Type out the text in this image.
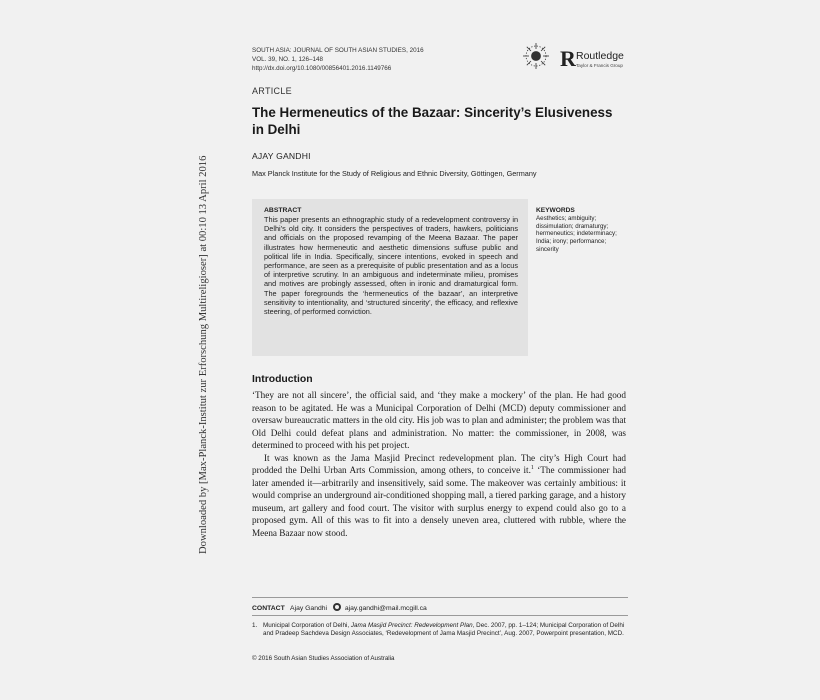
Downloaded by [Max-Planck-Institut zur Erforschung Multireligioser] at 00:10 13 April 2016
SOUTH ASIA: JOURNAL OF SOUTH ASIAN STUDIES, 2016
VOL. 39, NO. 1, 126–148
http://dx.doi.org/10.1080/00856401.2016.1149766	R Routledge
Taylor & Francis Group
ARTICLE
The Hermeneutics of the Bazaar: Sincerity’s Elusiveness in Delhi
AJAY GANDHI
Max Planck Institute for the Study of Religious and Ethnic Diversity, Göttingen, Germany
ABSTRACT
This paper presents an ethnographic study of a redevelopment controversy in Delhi’s old city. It considers the perspectives of traders, hawkers, politicians and officials on the proposed revamping of the Meena Bazaar. The paper illustrates how hermeneutic and aesthetic dimensions suffuse public and political life in India. Specifically, sincere intentions, evoked in speech and performance, are seen as a prerequisite of public presentation and as a locus of interpretive scrutiny. In an ambiguous and indeterminate milieu, promises and motives are probingly assessed, often in ironic and dramaturgical form. The paper foregrounds the ‘hermeneutics of the bazaar’, an interpretive sensitivity to intentionality, and ‘structured sincerity’, the efficacy, and reflexive steering, of performed conviction.
KEYWORDS
Aesthetics; ambiguity; dissimulation; dramaturgy; hermeneutics; indeterminacy; India; irony; performance; sincerity
Introduction

‘They are not all sincere’, the official said, and ‘they make a mockery’ of the plan. He had good reason to be agitated. He was a Municipal Corporation of Delhi (MCD) deputy commissioner and oversaw bureaucratic matters in the old city. His job was to plan and administer; the problem was that Old Delhi could defeat plans and administration. No matter: the commissioner, in 2008, was determined to proceed with his pet project.

It was known as the Jama Masjid Precinct redevelopment plan. The city’s High Court had prodded the Delhi Urban Arts Commission, among others, to conceive it.$^1$ ‘The commissioner had later amended it—arbitrarily and insensitively, said some. The makeover was certainly ambitious: it would comprise an underground air-conditioned shopping mall, a tiered parking garage, and a history museum, art gallery and food court. The visitor with surplus energy to expend could also go to a proposed gym. All of this was to fit into a densely uneven area, cluttered with rubble, where the Meena Bazaar now stood.

CONTACT Ajay Gandhi	ajay.gandhi@mail.mcgill.ca
1. Municipal Corporation of Delhi, Jama Masjid Precinct: Redevelopment Plan, Dec. 2007, pp. 1–124; Municipal Corporation of Delhi and Pradeep Sachdeva Design Associates, ‘Redevelopment of Jama Masjid Precinct’, Aug. 2007, Powerpoint presentation, MCD.
© 2016 South Asian Studies Association of Australia
